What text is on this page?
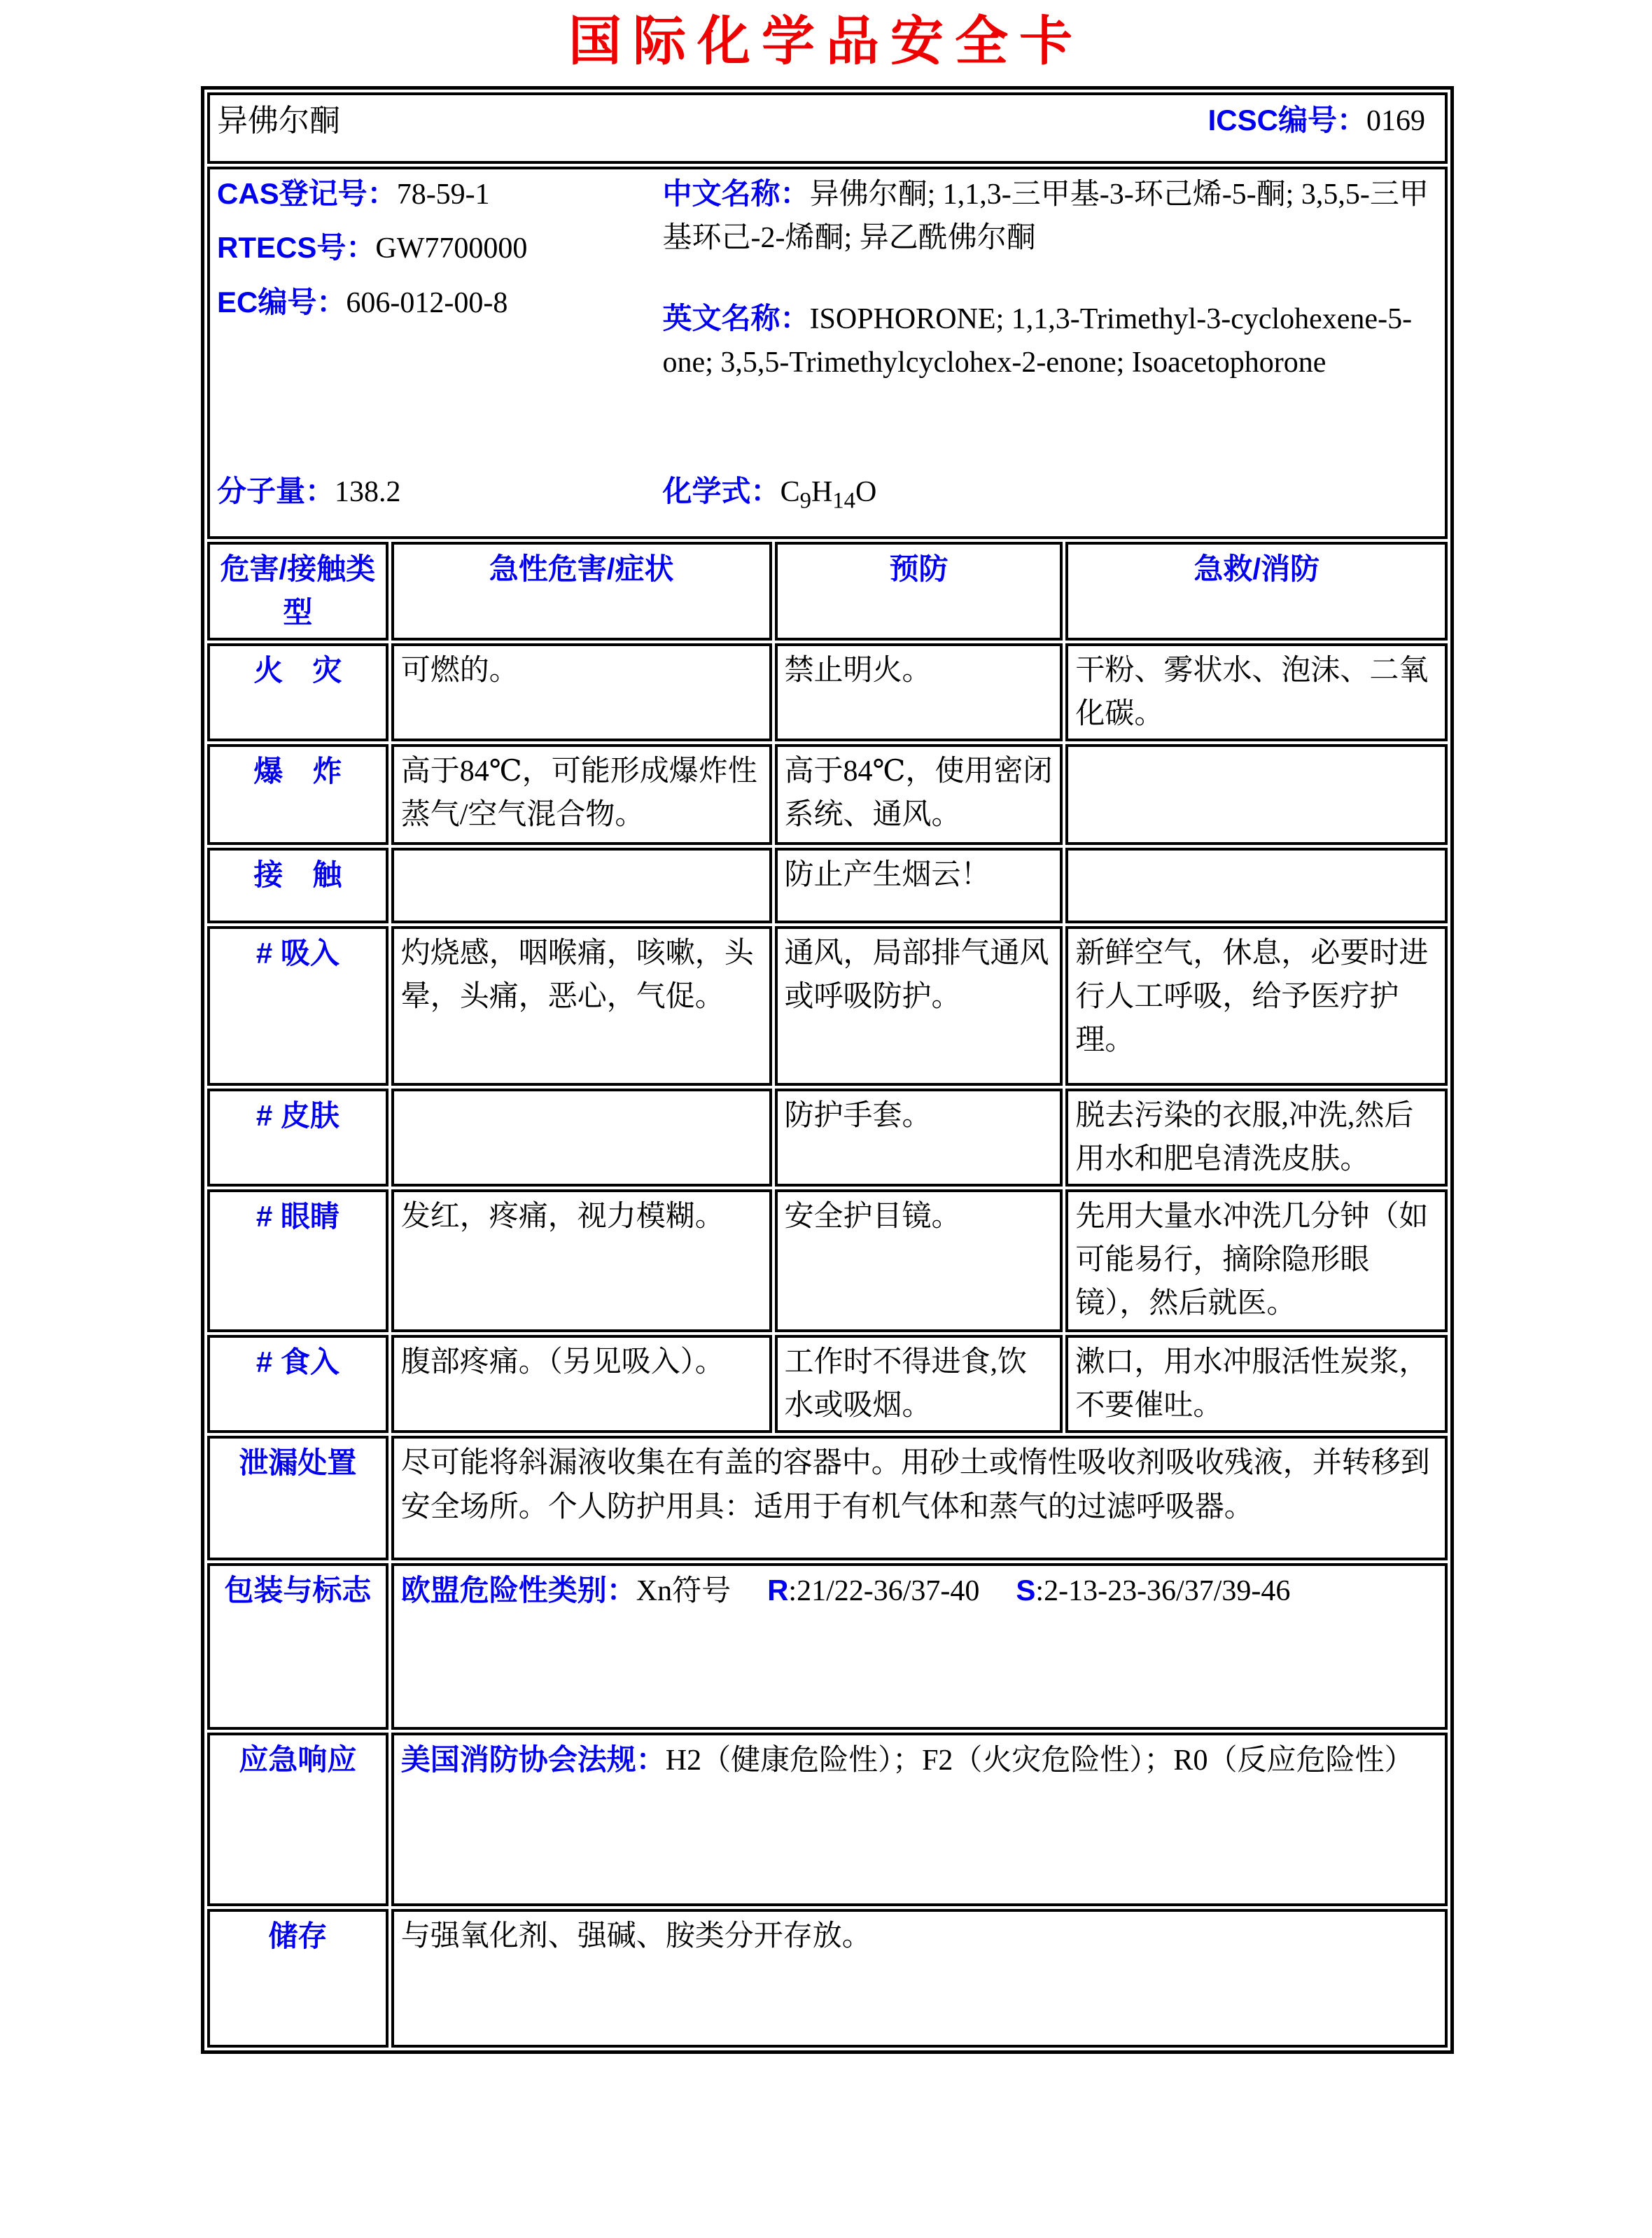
国际化学品安全卡
异佛尔酮 ICSC编号：0169			

CAS登记号：78-59-1
RTECS号：GW7700000
EC编号：606-012-00-8
中文名称：异佛尔酮; 1,1,3-三甲基-3-环己烯-5-酮; 3,5,5-三甲基环己-2-烯酮; 异乙酰佛尔酮
英文名称：ISOPHORONE; 1,1,3-Trimethyl-3-cyclohexene-5-one; 3,5,5-Trimethylcyclohex-2-enone; Isoacetophorone
分子量：138.2	化学式：$C_9H_{14}O$

危害/接触类型	急性危害/症状	预防	急救/消防
火　灾	可燃的。	禁止明火。	干粉、雾状水、泡沫、二氧化碳。
爆　炸	高于84℃，可能形成爆炸性蒸气/空气混合物。	高于84℃，使用密闭系统、通风。	
接　触		防止产生烟云！	
# 吸入	灼烧感，咽喉痛，咳嗽，头晕，头痛，恶心，气促。	通风，局部排气通风或呼吸防护。	新鲜空气，休息，必要时进行人工呼吸，给予医疗护理。
# 皮肤		防护手套。	脱去污染的衣服,冲洗,然后用水和肥皂清洗皮肤。
# 眼睛	发红，疼痛，视力模糊。	安全护目镜。	先用大量水冲洗几分钟（如可能易行，摘除隐形眼镜），然后就医。
# 食入	腹部疼痛。（另见吸入）。	工作时不得进食,饮水或吸烟。	漱口，用水冲服活性炭浆，不要催吐。
泄漏处置	尽可能将斜漏液收集在有盖的容器中。用砂土或惰性吸收剂吸收残液，并转移到安全场所。个人防护用具：适用于有机气体和蒸气的过滤呼吸器。		
包装与标志	欧盟危险性类别：Xn符号 R:21/22-36/37-40 S:2-13-23-36/37/39-46		
应急响应	美国消防协会法规：H2（健康危险性）；F2（火灾危险性）；R0（反应危险性）		
储存	与强氧化剂、强碱、胺类分开存放。		
